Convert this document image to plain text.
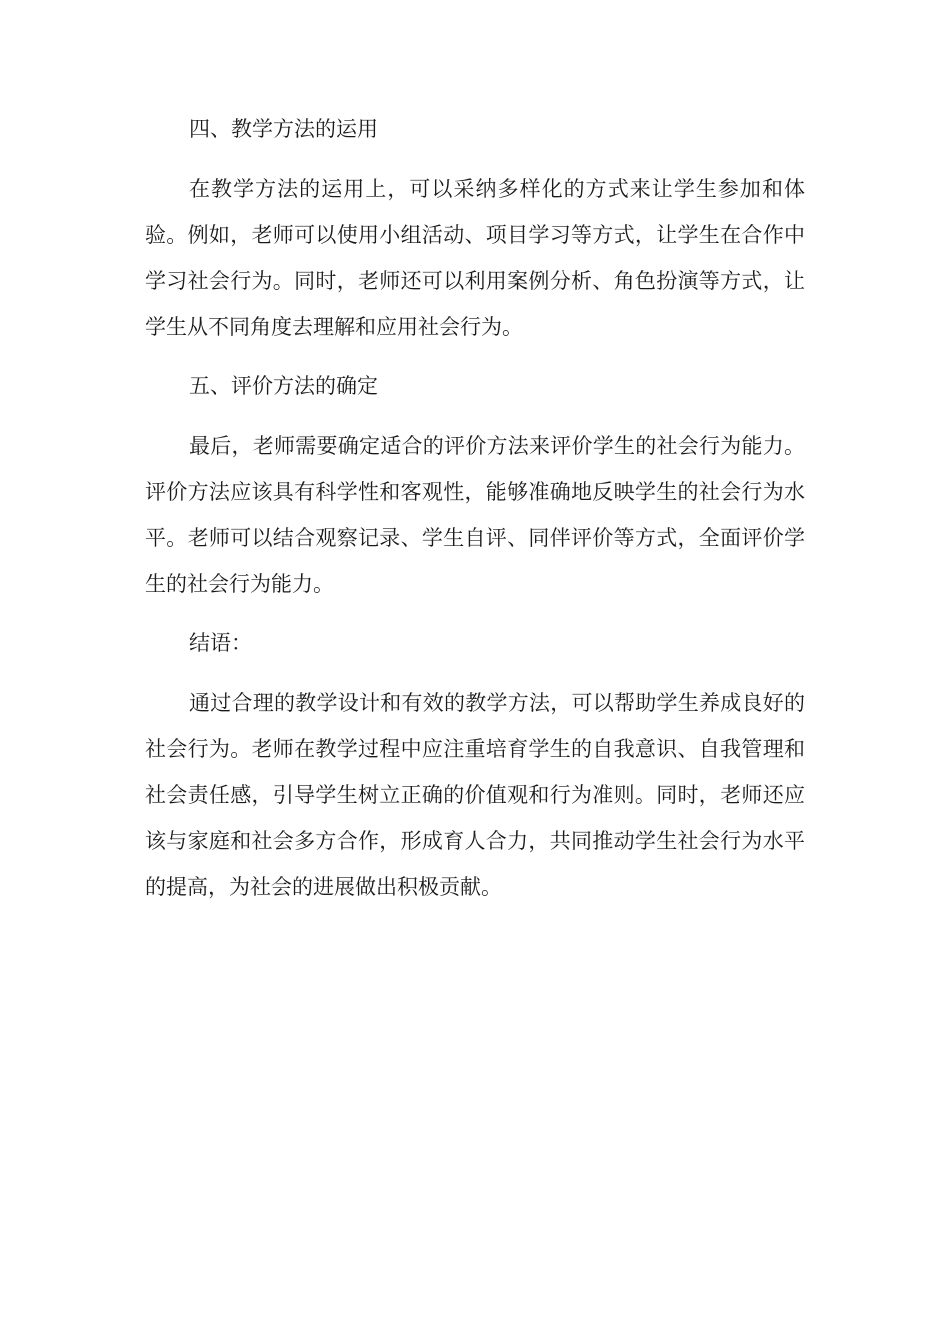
四、教学方法的运用

在教学方法的运用上，可以采纳多样化的方式来让学生参加和体验。例如，老师可以使用小组活动、项目学习等方式，让学生在合作中学习社会行为。同时，老师还可以利用案例分析、角色扮演等方式，让学生从不同角度去理解和应用社会行为。

五、评价方法的确定

最后，老师需要确定适合的评价方法来评价学生的社会行为能力。评价方法应该具有科学性和客观性，能够准确地反映学生的社会行为水平。老师可以结合观察记录、学生自评、同伴评价等方式，全面评价学生的社会行为能力。

结语：

通过合理的教学设计和有效的教学方法，可以帮助学生养成良好的社会行为。老师在教学过程中应注重培育学生的自我意识、自我管理和社会责任感，引导学生树立正确的价值观和行为准则。同时，老师还应该与家庭和社会多方合作，形成育人合力，共同推动学生社会行为水平的提高，为社会的进展做出积极贡献。
